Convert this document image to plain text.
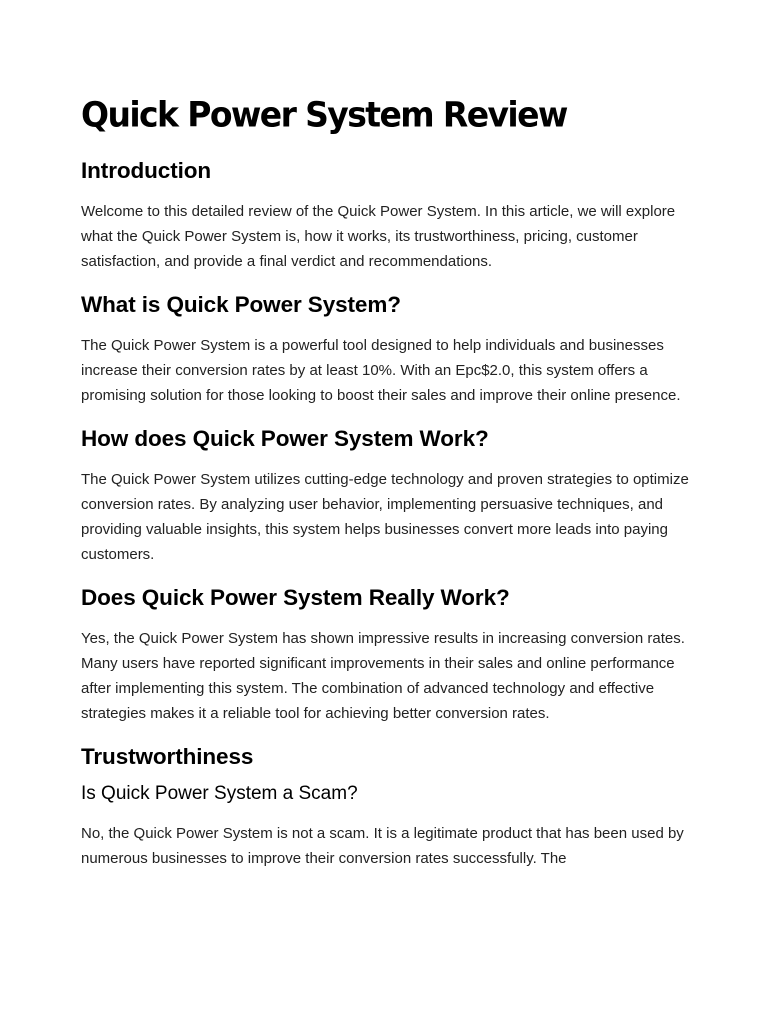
Quick Power System Review
Introduction

Welcome to this detailed review of the Quick Power System. In this article, we will explore what the Quick Power System is, how it works, its trustworthiness, pricing, customer satisfaction, and provide a final verdict and recommendations.

What is Quick Power System?

The Quick Power System is a powerful tool designed to help individuals and businesses increase their conversion rates by at least 10%. With an Epc$2.0, this system offers a promising solution for those looking to boost their sales and improve their online presence.

How does Quick Power System Work?

The Quick Power System utilizes cutting-edge technology and proven strategies to optimize conversion rates. By analyzing user behavior, implementing persuasive techniques, and providing valuable insights, this system helps businesses convert more leads into paying customers.

Does Quick Power System Really Work?

Yes, the Quick Power System has shown impressive results in increasing conversion rates. Many users have reported significant improvements in their sales and online performance after implementing this system. The combination of advanced technology and effective strategies makes it a reliable tool for achieving better conversion rates.

Trustworthiness
Is Quick Power System a Scam?

No, the Quick Power System is not a scam. It is a legitimate product that has been used by numerous businesses to improve their conversion rates successfully. The
